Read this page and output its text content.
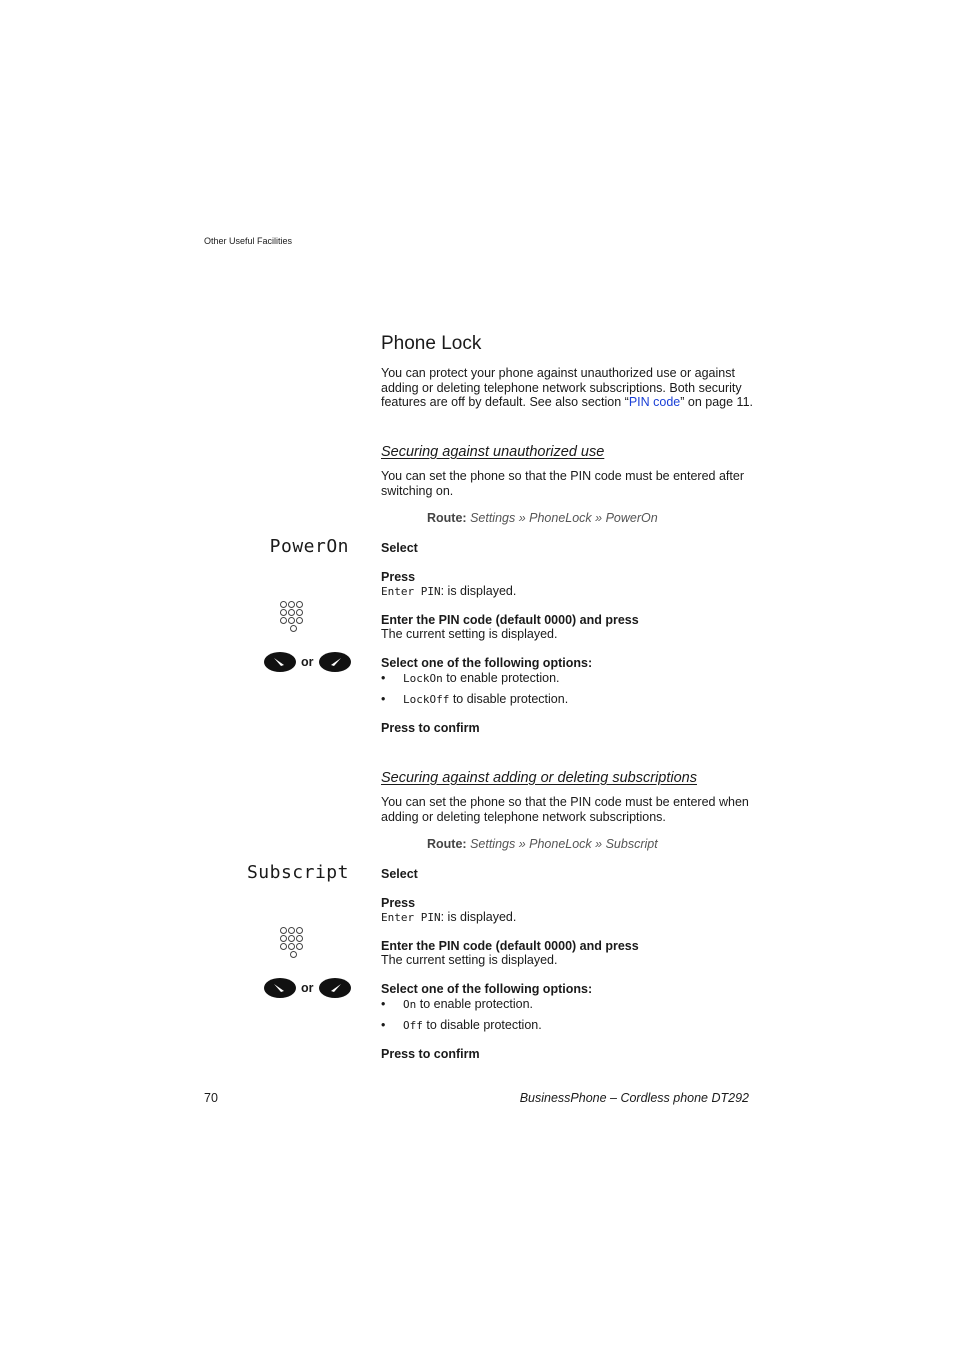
Other Useful Facilities
Phone Lock
You can protect your phone against unauthorized use or against adding or deleting telephone network subscriptions. Both security features are off by default. See also section “PIN code” on page 11.
Securing against unauthorized use
You can set the phone so that the PIN code must be entered after switching on.
Route: Settings » PhoneLock » PowerOn
PowerOn	Select
Press
Enter PIN: is displayed.
Enter the PIN code (default 0000) and press
The current setting is displayed.
or	Select one of the following options:
• LockOn to enable protection.
• LockOff to disable protection.
Press to confirm
Securing against adding or deleting subscriptions
You can set the phone so that the PIN code must be entered when adding or deleting telephone network subscriptions.
Route: Settings » PhoneLock » Subscript
Subscript	Select
Press
Enter PIN: is displayed.
Enter the PIN code (default 0000) and press
The current setting is displayed.
or	Select one of the following options:
• On to enable protection.
• Off to disable protection.
Press to confirm
70	BusinessPhone – Cordless phone DT292
